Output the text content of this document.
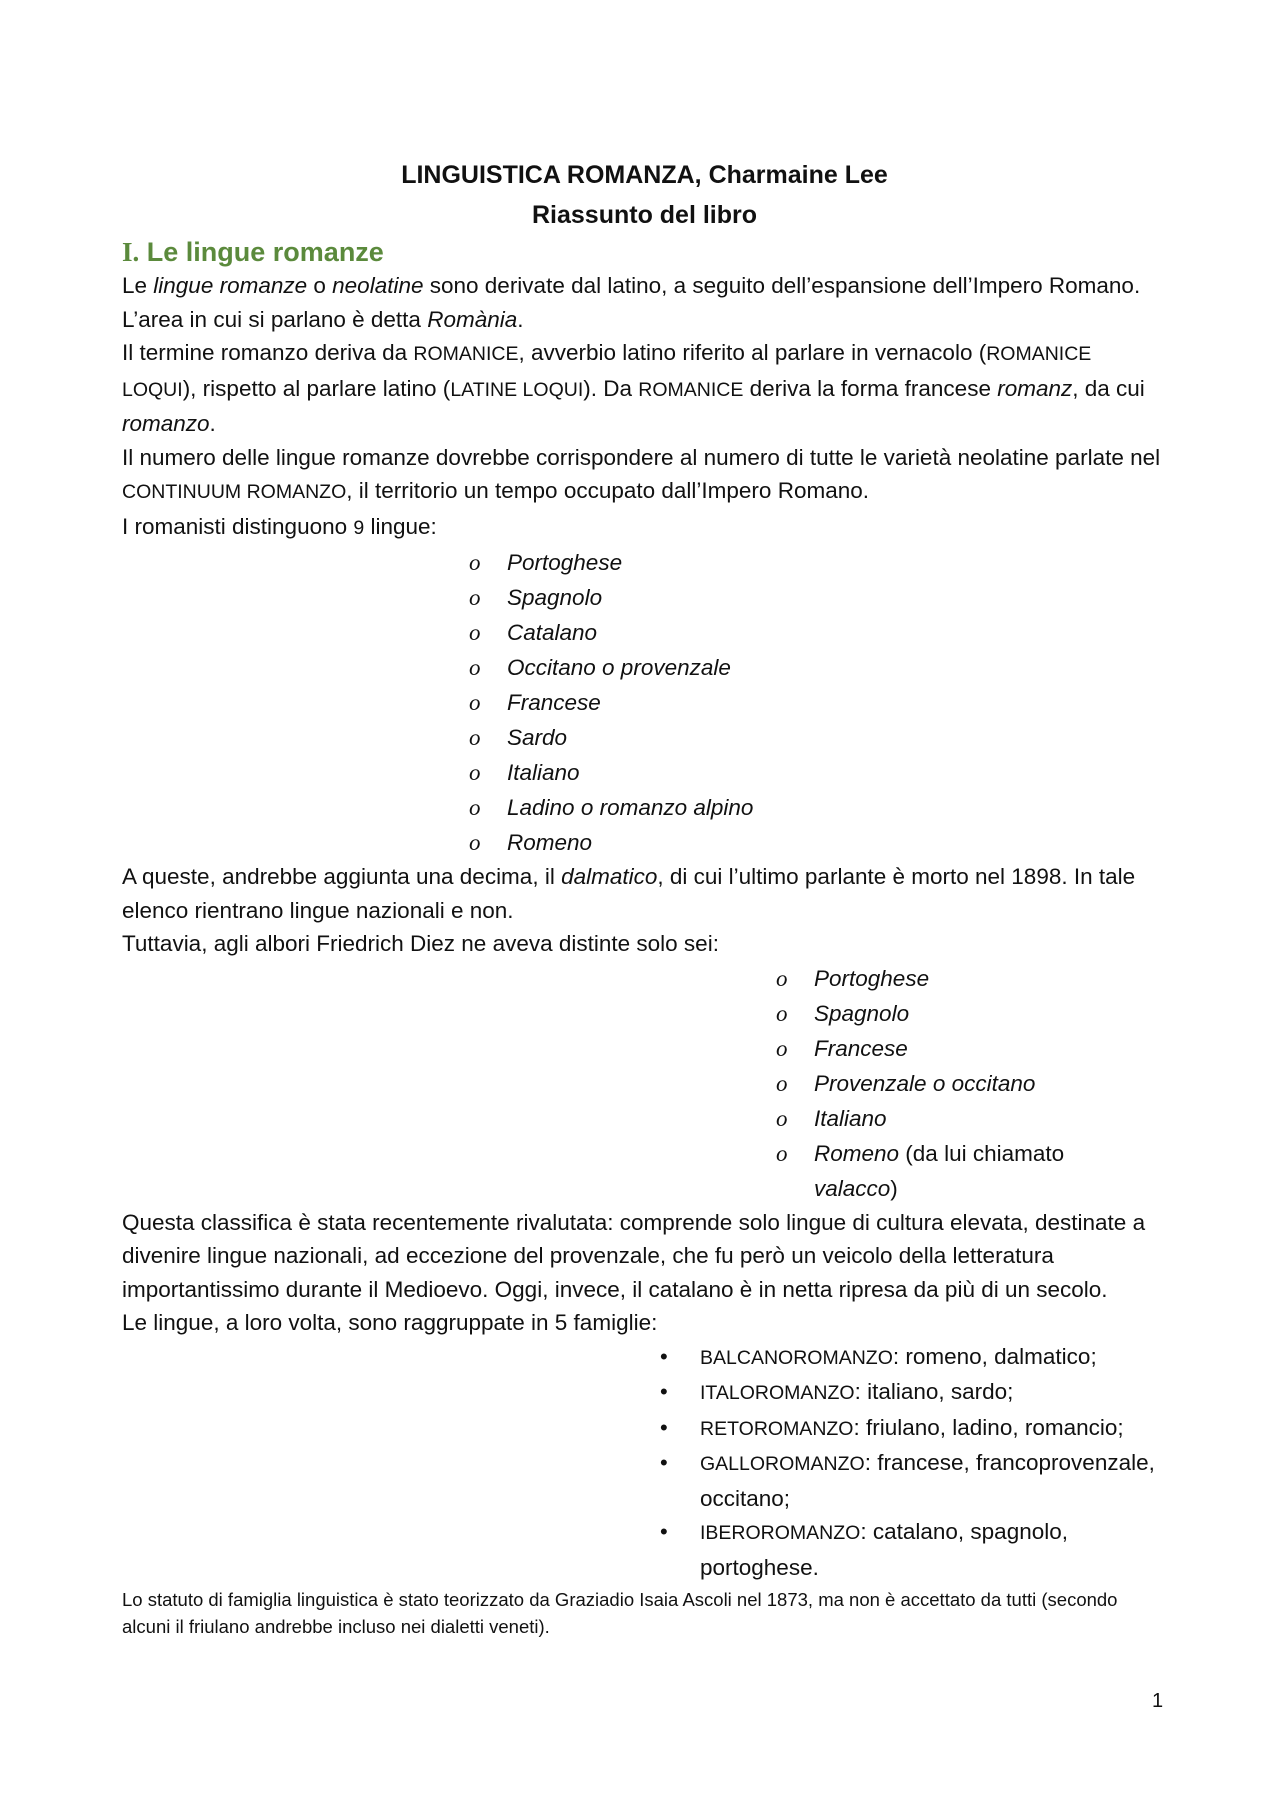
LINGUISTICA ROMANZA, Charmaine Lee
Riassunto del libro
I. Le lingue romanze

Le lingue romanze o neolatine sono derivate dal latino, a seguito dell’espansione dell’Impero Romano. L’area in cui si parlano è detta Romània.

Il termine romanzo deriva da ROMANICE, avverbio latino riferito al parlare in vernacolo (ROMANICE LOQUI), rispetto al parlare latino (LATINE LOQUI). Da ROMANICE deriva la forma francese romanz, da cui romanzo.

Il numero delle lingue romanze dovrebbe corrispondere al numero di tutte le varietà neolatine parlate nel CONTINUUM ROMANZO, il territorio un tempo occupato dall’Impero Romano.

I romanisti distinguono 9 lingue:

o Portoghese
o Spagnolo
o Catalano
o Occitano o provenzale
o Francese
o Sardo
o Italiano
o Ladino o romanzo alpino
o Romeno

A queste, andrebbe aggiunta una decima, il dalmatico, di cui l’ultimo parlante è morto nel 1898. In tale elenco rientrano lingue nazionali e non.

Tuttavia, agli albori Friedrich Diez ne aveva distinte solo sei:

o Portoghese
o Spagnolo
o Francese
o Provenzale o occitano
o Italiano
o Romeno (da lui chiamato valacco)

Questa classifica è stata recentemente rivalutata: comprende solo lingue di cultura elevata, destinate a divenire lingue nazionali, ad eccezione del provenzale, che fu però un veicolo della letteratura importantissimo durante il Medioevo. Oggi, invece, il catalano è in netta ripresa da più di un secolo.

Le lingue, a loro volta, sono raggruppate in 5 famiglie:

• BALCANOROMANZO: romeno, dalmatico;
• ITALOROMANZO: italiano, sardo;
• RETOROMANZO: friulano, ladino, romancio;
• GALLOROMANZO: francese, francoprovenzale, occitano;
• IBEROROMANZO: catalano, spagnolo, portoghese.

Lo statuto di famiglia linguistica è stato teorizzato da Graziadio Isaia Ascoli nel 1873, ma non è accettato da tutti (secondo alcuni il friulano andrebbe incluso nei dialetti veneti).

1
